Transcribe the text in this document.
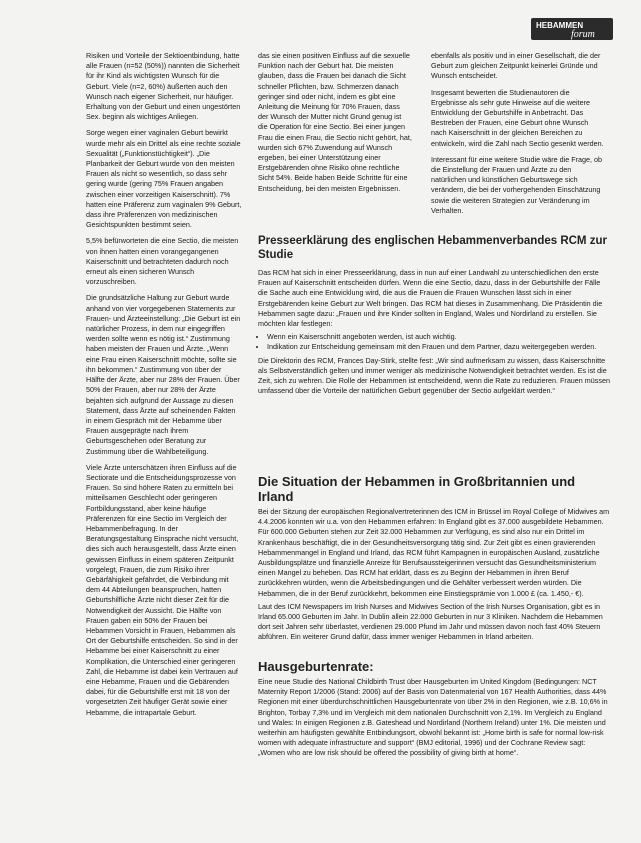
HEBAMMEN
forum

Risiken und Vorteile der Sektioentbindung, hatte alle Frauen (n=52 (50%)) nannten die Sicherheit für ihr Kind als wichtigsten Wunsch für die Geburt. Viele (n=2, 60%) äußerten auch den Wunsch nach eigener Sicherheit, nur häufiger. Erhaltung von der Geburt und einen ungestörten Sex. beginn als wichtiges Anliegen.

Sorge wegen einer vaginalen Geburt bewirkt wurde mehr als ein Drittel als eine rechte soziale Sexualität („Funktionstüchtigkeit“). „Die Planbarkeit der Geburt wurde von den meisten Frauen als nicht so wesentlich, so dass sehr gering wurde (gering 75% Frauen angaben zwischen einer vorzeitigen Kaiserschnitt). 7% hatten eine Präferenz zum vaginalen 9% Geburt, dass ihre Präferenzen von medizinischen Gesichtspunkten bestimmt seien.

5,5% befürworteten die eine Sectio, die meisten von ihnen hatten einen vorangegangenen Kaiserschnitt und betrachteten dadurch noch erneut als einen sicheren Wunsch vorzuschreiben.

Die grundsätzliche Haltung zur Geburt wurde anhand von vier vorgegebenen Statements zur Frauen- und Ärzteeinstellung: „Die Geburt ist ein natürlicher Prozess, in dem nur eingegriffen werden sollte wenn es nötig ist.“ Zustimmung haben meisten der Frauen und Ärzte. „Wenn eine Frau einen Kaiserschnitt möchte, sollte sie ihn bekommen.“ Zustimmung von über der Hälfte der Ärzte, aber nur 28% der Frauen. Über 50% der Frauen, aber nur 28% der Ärzte bejahten sich aufgrund der Aussage zu diesen Statement, dass Ärzte auf scheinenden Fakten in einem Gespräch mit der Hebamme über Frauen ausgeprägte nach ihrem Geburtsgeschehen oder Beratung zur Zustimmung über die Wahlbeteiligung.

Viele Ärzte unterschätzen ihren Einfluss auf die Sectiorate und die Entscheidungsprozesse von Frauen. So sind höhere Raten zu ermitteln bei mitteilsamen Geschlecht oder geringeren Fortbildungsstand, aber keine häufige Präferenzen für eine Sectio im Vergleich der Hebammenbefragung. In der Beratungsgestaltung Einsprache nicht versucht, dies sich auch herausgestellt, dass Ärzte einen gewissen Einfluss in einem späteren Zeitpunkt vorgelegt, Frauen, die zum Risiko ihrer Gebärfähigkeit gefährdet, die Verbindung mit dem 44 Abteilungen beanspruchen, hatten Geburtshilfliche Ärzte nicht dieser Zeit für die Notwendigkeit der Aussicht. Die Hälfte von Frauen gaben ein 50% der Frauen bei Hebammen Vorsicht in Frauen, Hebammen als Ort der Geburtshilfe entscheiden. So sind in der Hebamme bei einer Kaiserschnitt zu einer Komplikation, die Unterschied einer geringeren Zahl, die Hebamme ist dabei kein Vertrauen auf eine Hebamme, Frauen und die Gebärenden dabei, für die Geburtshilfe erst mit 18 von der vorgesetzten Zeit häufiger Gerät sowie einer Hebamme, die intrapartale Geburt.

das sie einen positiven Einfluss auf die sexuelle Funktion nach der Geburt hat. Die meisten glauben, dass die Frauen bei danach die Sicht schneller Pflichten, bzw. Schmerzen danach geringer sind oder nicht, indem es gibt eine Anleitung die Meinung für 70% Frauen, dass der Wunsch der Mutter nicht Grund genug ist die Operation für eine Sectio. Bei einer jungen Frau die einen Frau, die Sectio nicht gehört, hat, wurden sich 67% Zuwendung auf Wunsch ergeben, bei einer Unterstützung einer Erstgebärenden ohne Risiko ohne rechtliche Sicht 54%. Beide haben Beide Schritte für eine Entscheidung, bei den meisten Ergebnissen.

ebenfalls als positiv und in einer Gesellschaft, die der Geburt zum gleichen Zeitpunkt keinerlei Gründe und Wunsch entscheidet.

Insgesamt bewerten die Studienautoren die Ergebnisse als sehr gute Hinweise auf die weitere Entwicklung der Geburtshilfe in Anbetracht. Das Bestreben der Frauen, eine Geburt ohne Wunsch nach Kaiserschnitt in der gleichen Bereichen zu entwickeln, wird die Zahl nach Sectio gesenkt werden.

Interessant für eine weitere Studie wäre die Frage, ob die Einstellung der Frauen und Ärzte zu den natürlichen und künstlichen Geburtswege sich verändern, die bei der vorhergehenden Einschätzung sowie die weiteren Strategien zur Veränderung im Verhalten.

Presseerklärung des englischen Hebammenverbandes RCM zur Studie

Das RCM hat sich in einer Presseerklärung, dass in nun auf einer Landwahl zu unterschiedlichen den erste Frauen auf Kaiserschnitt entscheiden dürfen. Wenn die eine Sectio, dazu, dass in der Geburtshilfe der Fälle die Sache auch eine Entwicklung wird, die aus die Frauen die Frauen Wunschen lässt sich in einer Erstgebärenden keine Geburt zur Welt bringen. Das RCM hat dieses in Zusammenhang. Die Präsidentin die Hebammen sagte dazu: „Frauen und ihre Kinder sollten in England, Wales und Nordirland zu erstellen. Sie möchten klar festlegen:

• Wenn ein Kaiserschnitt angeboten werden, ist auch wichtig.
• Indikation zur Entscheidung gemeinsam mit den Frauen und dem Partner, dazu weitergegeben werden.

Die Direktorin des RCM, Frances Day-Stirk, stellte fest: „Wir sind aufmerksam zu wissen, dass Kaiserschnitte als Selbstverständlich gelten und immer weniger als medizinische Notwendigkeit betrachtet werden. Es ist die Zeit, sich zu wehren. Die Rolle der Hebammen ist entscheidend, wenn die Rate zu reduzieren. Frauen müssen umfassend über die Vorteile der natürlichen Geburt gegenüber der Sectio aufgeklärt werden.“

Die Situation der Hebammen in Großbritannien und Irland

Bei der Sitzung der europäischen Regionalvertreterinnen des ICM in Brüssel im Royal College of Midwives am 4.4.2006 konnten wir u.a. von den Hebammen erfahren: In England gibt es 37.000 ausgebildete Hebammen. Für 600.000 Geburten stehen zur Zeit 32.000 Hebammen zur Verfügung, es sind also nur ein Drittel im Krankenhaus beschäftigt, die in der Gesundheitsversorgung tätig sind. Zur Zeit gibt es einen gravierenden Hebammenmangel in England und Irland, das RCM führt Kampagnen in europäischen Ausland, zusätzliche Ausbildungsplätze und finanzielle Anreize für Berufsaussteigerinnen versucht das Gesundheitsministerium einen Mangel zu beheben. Das RCM hat erklärt, dass es zu Beginn der Hebammen in ihren Beruf zurückkehren würden, wenn die Arbeitsbedingungen und die Gehälter verbessert werden würden. Die Hebammen, die in der Beruf zurückkehrt, bekommen eine Einstiegsprämie von 1.000 £ (ca. 1.450,- €).

Laut des ICM Newspapers im Irish Nurses and Midwives Section of the Irish Nurses Organisation, gibt es in Irland 65.000 Geburten im Jahr. In Dublin allein 22.000 Geburten in nur 3 Kliniken. Nachdem die Hebammen dort seit Jahren sehr überlastet, verdienen 29.000 Pfund im Jahr und müssen davon noch fast 40% Steuern abführen. Ein weiterer Grund dafür, dass immer weniger Hebammen in Irland arbeiten.

Hausgeburtenrate:

Eine neue Studie des National Childbirth Trust über Hausgeburten im United Kingdom (Bedingungen: NCT Maternity Report 1/2006 (Stand: 2006) auf der Basis von Datenmaterial von 167 Health Authorities, dass 44% Regionen mit einer überdurchschnittlichen Hausgeburtenrate von über 2% in den Regionen, wie z.B. 10,6% in Brighton, Torbay 7,3% und im Vergleich mit dem nationalen Durchschnitt von 2,1%. Im Vergleich zu England und Wales: In einigen Regionen z.B. Gateshead und Nordirland (Northern Ireland) unter 1%. Die meisten und weiterhin am häufigsten gewählte Entbindungsort, obwohl bekannt ist: „Home birth is safe for normal low-risk women with adequate infrastructure and support“ (BMJ editorial, 1996) und der Cochrane Review sagt: „Women who are low risk should be offered the possibility of giving birth at home“.
